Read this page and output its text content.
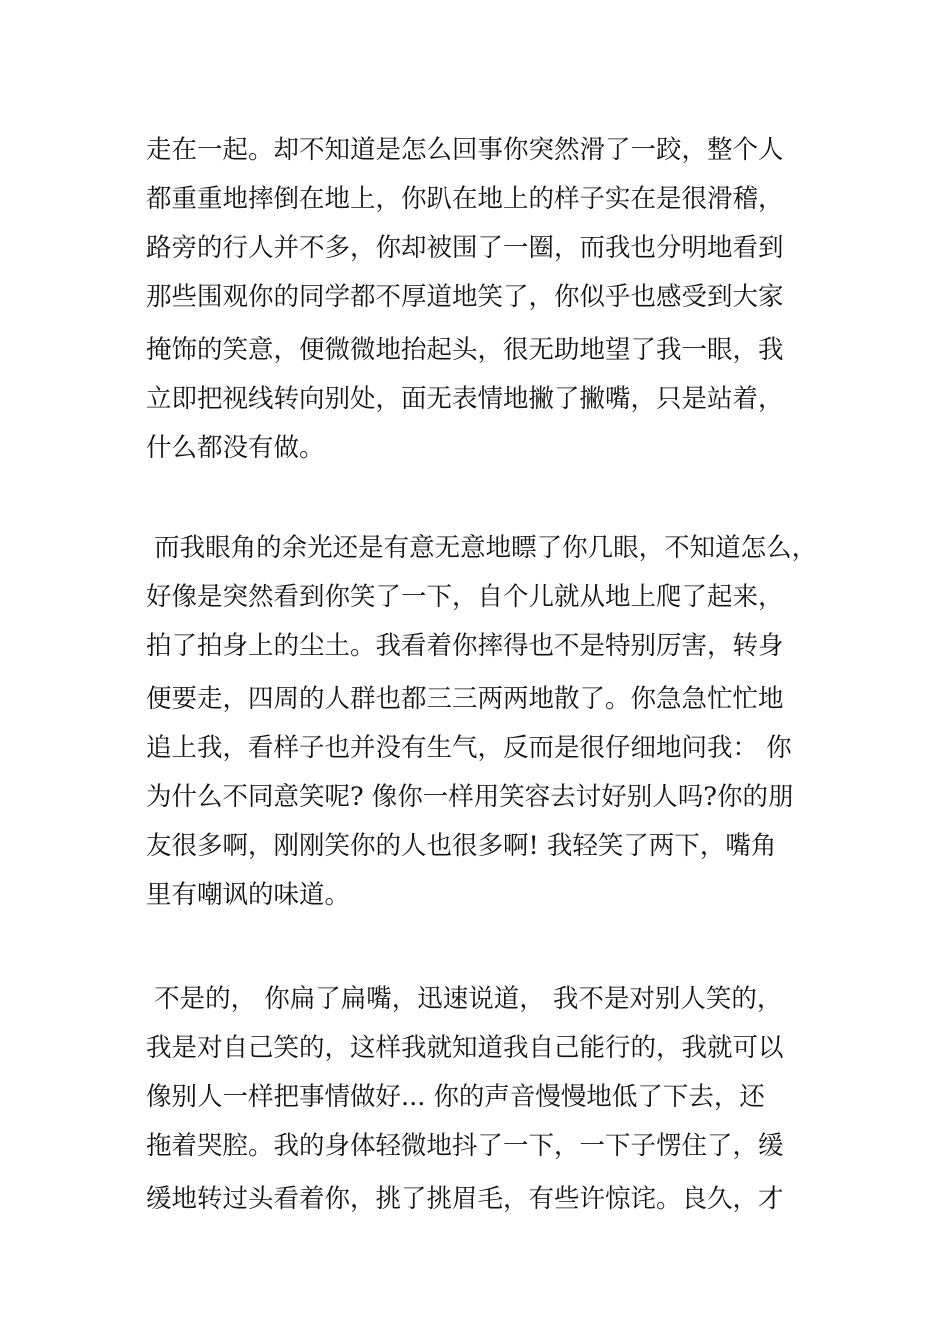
走在一起。却不知道是怎么回事你突然滑了一跤，整个人
都重重地摔倒在地上，你趴在地上的样子实在是很滑稽，
路旁的行人并不多，你却被围了一圈，而我也分明地看到
那些围观你的同学都不厚道地笑了，你似乎也感受到大家
掩饰的笑意，便微微地抬起头，很无助地望了我一眼，我
立即把视线转向别处，面无表情地撇了撇嘴，只是站着，
什么都没有做。
而我眼角的余光还是有意无意地瞟了你几眼，不知道怎么，
好像是突然看到你笑了一下，自个儿就从地上爬了起来，
拍了拍身上的尘土。我看着你摔得也不是特别厉害，转身
便要走，四周的人群也都三三两两地散了。你急急忙忙地
追上我，看样子也并没有生气，反而是很仔细地问我： 你
为什么不同意笑呢? 像你一样用笑容去讨好别人吗?你的朋
友很多啊，刚刚笑你的人也很多啊! 我轻笑了两下，嘴角
里有嘲讽的味道。
不是的， 你扁了扁嘴，迅速说道， 我不是对别人笑的，
我是对自己笑的，这样我就知道我自己能行的，我就可以
像别人一样把事情做好... 你的声音慢慢地低了下去，还
拖着哭腔。我的身体轻微地抖了一下，一下子愣住了，缓
缓地转过头看着你，挑了挑眉毛，有些许惊诧。良久，才
